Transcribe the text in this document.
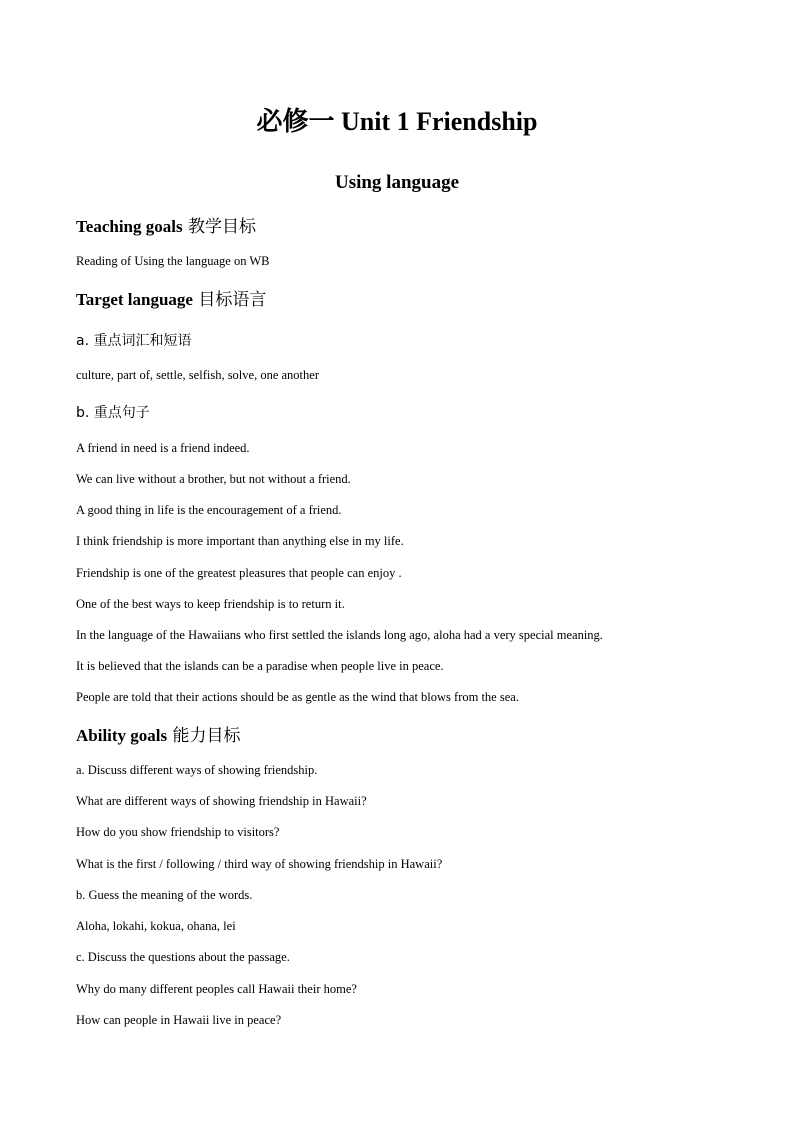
必修一 Unit 1 Friendship
Using language
Teaching goals 教学目标
Reading of Using the language on WB
Target language 目标语言
a. 重点词汇和短语
culture, part of, settle, selfish, solve, one another
b. 重点句子
A friend in need is a friend indeed.
We can live without a brother, but not without a friend.
A good thing in life is the encouragement of a friend.
I think friendship is more important than anything else in my life.
Friendship is one of the greatest pleasures that people can enjoy .
One of the best ways to keep friendship is to return it.
In the language of the Hawaiians who first settled the islands long ago, aloha had a very special meaning.
It is believed that the islands can be a paradise when people live in peace.
People are told that their actions should be as gentle as the wind that blows from the sea.
Ability goals 能力目标
a. Discuss different ways of showing friendship.
What are different ways of showing friendship in Hawaii?
How do you show friendship to visitors?
What is the first / following / third way of showing friendship in Hawaii?
b. Guess the meaning of the words.
Aloha, lokahi, kokua, ohana, lei
c. Discuss the questions about the passage.
Why do many different peoples call Hawaii their home?
How can people in Hawaii live in peace?
